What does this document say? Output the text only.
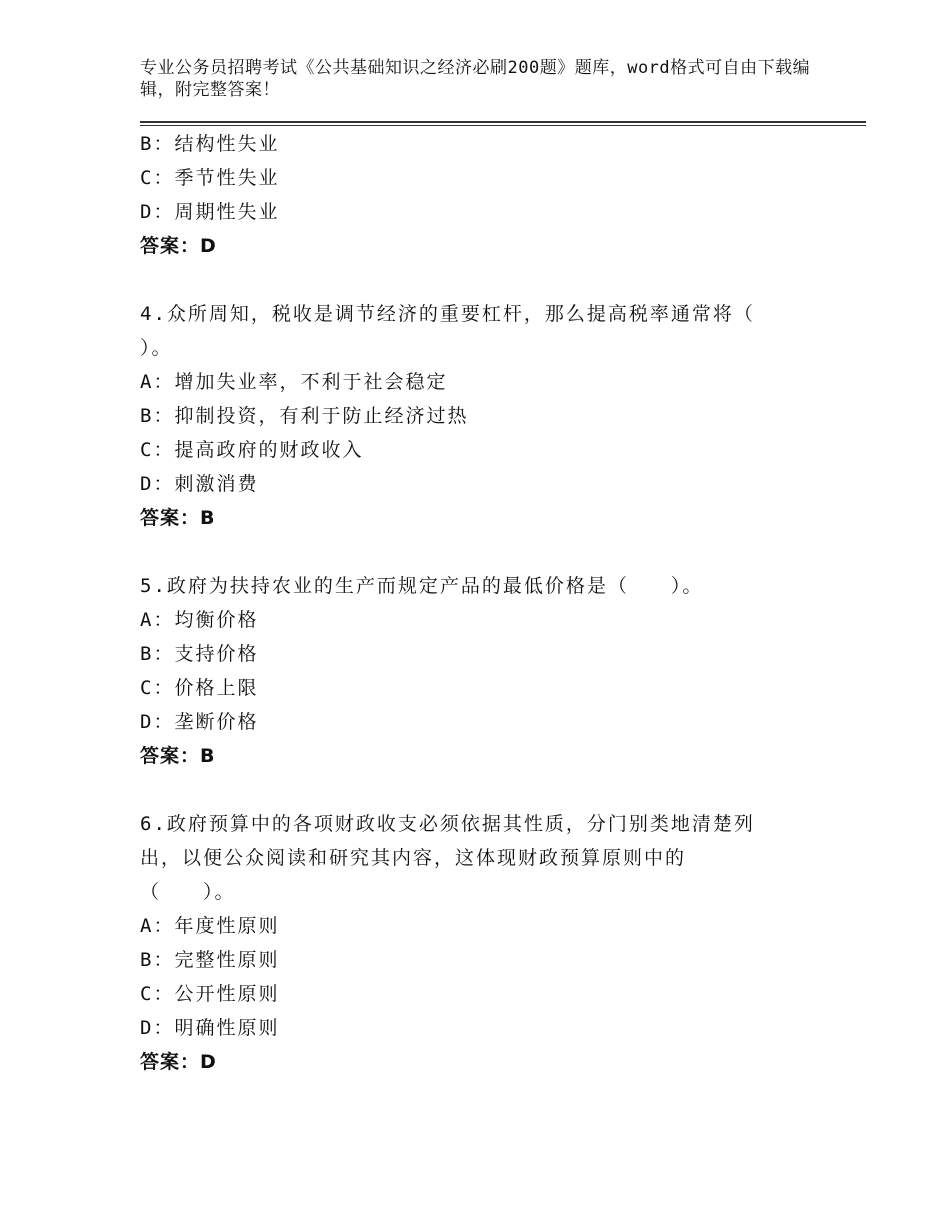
专业公务员招聘考试《公共基础知识之经济必刷200题》题库，word格式可自由下载编辑，附完整答案！
B：结构性失业
C：季节性失业
D：周期性失业
答案：D
4.众所周知，税收是调节经济的重要杠杆，那么提高税率通常将（
）。
A：增加失业率，不利于社会稳定
B：抑制投资，有利于防止经济过热
C：提高政府的财政收入
D：刺激消费
答案：B
5.政府为扶持农业的生产而规定产品的最低价格是（　　）。
A：均衡价格
B：支持价格
C：价格上限
D：垄断价格
答案：B
6.政府预算中的各项财政收支必须依据其性质，分门别类地清楚列
出，以便公众阅读和研究其内容，这体现财政预算原则中的
（　　）。
A：年度性原则
B：完整性原则
C：公开性原则
D：明确性原则
答案：D
